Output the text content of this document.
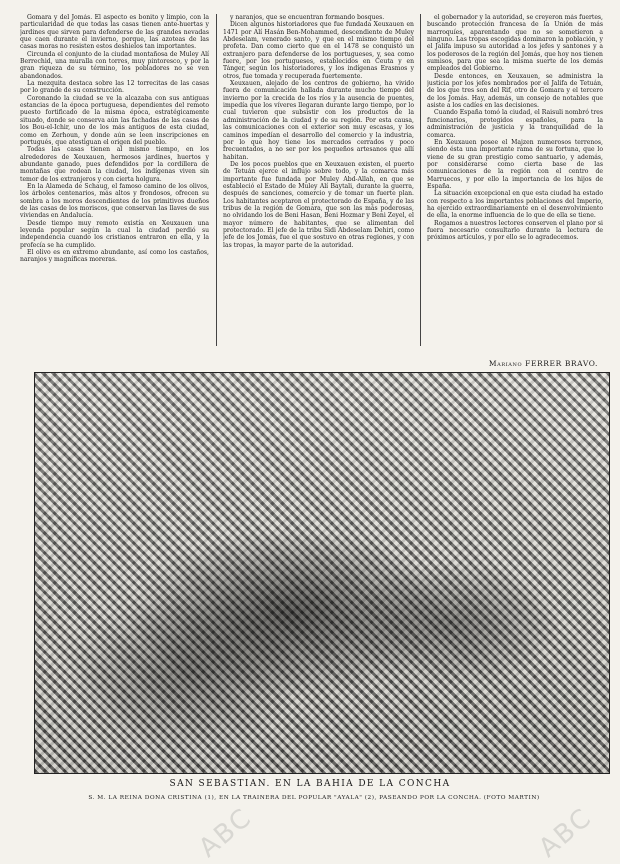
Gomara y del Jomás. El aspecto es bonito y limpio, con la particularidad de que todas las casas tienen ante-huertas y jardines que sirven para defenderse de las grandes nevadas que caen durante el invierno, porque, las azoteas de las casas moras no resisten estos deshielos tan importantes.

Circunda el conjunto de la ciudad montañosa de Muley Alí Berrechid, una muralla con torres, muy pintoresco, y por la gran riqueza de su término, los pobladores no se ven abandonados.

La mezquita destaca sobre las 12 torrecitas de las casas por lo grande de su construcción.

Coronando la ciudad se ve la alcazaba con sus antiguas estancias de la época portuguesa, dependientes del remoto puesto fortificado de la misma época, estratégicamente situado, donde se conserva aún las fachadas de las casas de los Bou-el-Ichir, uno de los más antiguos de esta ciudad, como en Zerhoun, y donde aún se leen inscripciones en portugués, que atestiguan el origen del pueblo.

Todas las casas tienen al mismo tiempo, en los alrededores de Xeuxauen, hermosos jardines, huertos y abundante ganado, pues defendidos por la cordillera de montañas que rodean la ciudad, los indígenas viven sin temor de los extranjeros y con cierta holgura.

En la Alameda de Schaug, el famoso camino de los olivos, los árboles centenarios, más altos y frondosos, ofrecen su sombra a los moros descendientes de los primitivos dueños de las casas de los moriscos, que conservan las llaves de sus viviendas en Andalucía.

Desde tiempo muy remoto existía en Xeuxauen una leyenda popular según la cual la ciudad perdió su independencia cuando los cristianos entraron en ella, y la profecía se ha cumplido.

El olivo es en extremo abundante, así como los castaños, naranjos y magníficas moreras.

y naranjos, que se encuentran formando bosques.

Dicen algunos historiadores que fue fundada Xeuxauen en 1471 por Alí Hasán Ben-Mohammed, descendiente de Muley Abdeselam, venerado santo, y que en el mismo tiempo del profeta. Dan como cierto que en el 1478 se conquistó un extranjero para defenderse de los portugueses, y, sea como fuere, por los portugueses, establecidos en Ceuta y en Tánger, según los historiadores, y los indígenas Erasmos y otros, fue tomada y recuperada fuertemente.

Xeuxauen, alejado de los centros de gobierno, ha vivido fuera de comunicación hallada durante mucho tiempo del invierno por la crecida de los ríos y la ausencia de puentes, impedía que los víveres llegaran durante largo tiempo, por lo cual tuvieron que subsistir con los productos de la administración de la ciudad y de su región. Por esta causa, las comunicaciones con el exterior son muy escasas, y los caminos impedían el desarrollo del comercio y la industria, por lo que hoy tiene los mercados cerrados y poco frecuentados, a no ser por los pequeños artesanos que allí habitan.

De los pocos pueblos que en Xeuxauen existen, el puerto de Tetuán ejerce el influjo sobre todo, y la comarca más importante fue fundada por Muley Abd-Allah, en que se estableció el Estado de Muley Alí Baytali, durante la guerra, después de sanciones, comercio y de tomar un fuerte plan. Los habitantes aceptaron el protectorado de España, y de las tribus de la región de Gomara, que son las más poderosas, no olvidando los de Beni Hasan, Beni Hozmar y Beni Zeyel, el mayor número de habitantes, que se alimentan del protectorado. El jefe de la tribu Sidi Abdeselam Dehiri, como jefe de los Jomás, fue el que sostuvo en otras regiones, y con las tropas, la mayor parte de la autoridad.

el gobernador y la autoridad, se creyeron más fuertes, buscando protección francesa de la Unión de más marroquíes, aparentando que no se sometieron a ninguno. Las tropas escogidas dominaron la población, y el Jalifa impuso su autoridad a los jefes y santones y a los poderosos de la región del Jomás, que hoy nos tienen sumisos, para que sea la misma suerte de los demás empleados del Gobierno.

Desde entonces, en Xeuxauen, se administra la justicia por los jefes nombrados por el Jalifa de Tetuán, de los que tres son del Rif, otro de Gomara y el tercero de los Jomás. Hay, además, un consejo de notables que asiste a los cadíes en las decisiones.

Cuando España tomó la ciudad, el Raisuli nombró tres funcionarios, protegidos españoles, para la administración de justicia y la tranquilidad de la comarca.

En Xeuxauen posee el Majzen numerosos terrenos, siendo ésta una importante rama de su fortuna, que lo viene de su gran prestigio como santuario, y además, por considerarse como cierta base de las comunicaciones de la región con el centro de Marruecos, y por ello la importancia de los hijos de España.

La situación excepcional en que esta ciudad ha estado con respecto a los importantes poblaciones del Imperio, ha ejercido extraordinariamente en el desenvolvimiento de ella, la enorme influencia de lo que de ella se tiene.

Rogamos a nuestros lectores conserven el plano por si fuera necesario consultarlo durante la lectura de próximos artículos, y por ello se lo agradecemos.

Mariano FERRER BRAVO.
SAN SEBASTIAN. EN LA BAHIA DE LA CONCHA
S. M. LA REINA DOÑA CRISTINA (1), EN LA TRAINERA DEL POPULAR "AYALA" (2), PASEANDO POR LA CONCHA. (FOTO MARTÍN)
ABC	ABC
